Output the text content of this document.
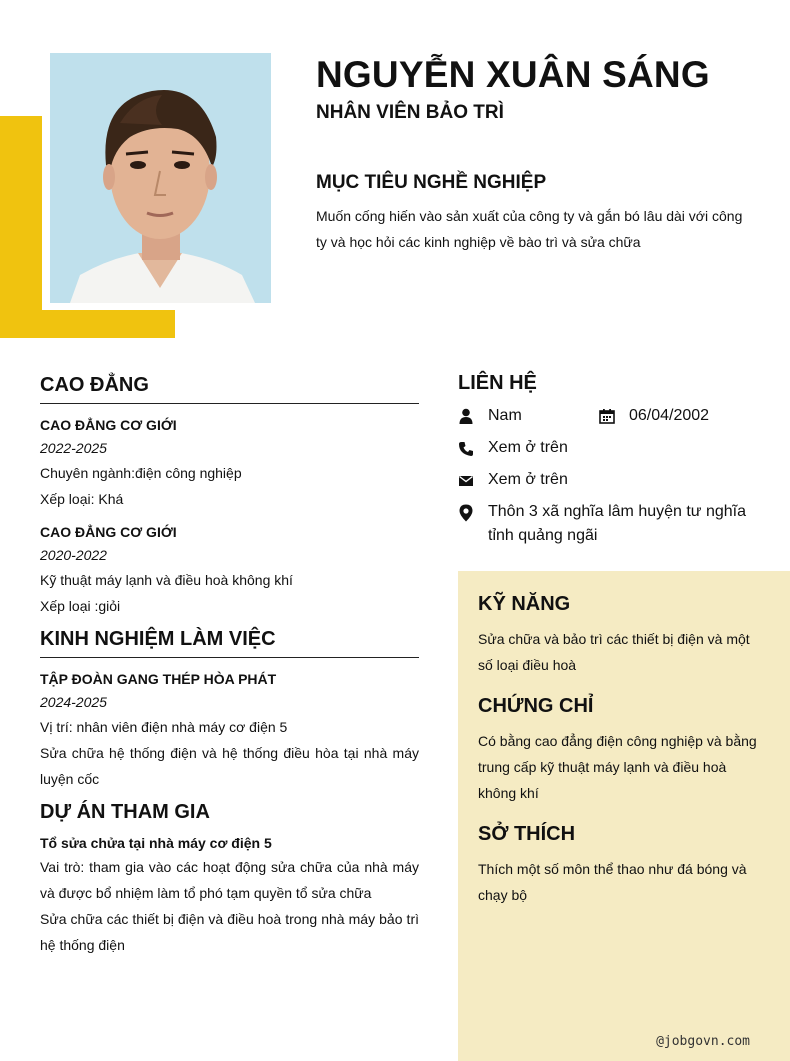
NGUYỄN XUÂN SÁNG
NHÂN VIÊN BẢO TRÌ
MỤC TIÊU NGHỀ NGHIỆP
Muốn cống hiến vào sản xuất của công ty và gắn bó lâu dài với công ty và học hỏi các kinh nghiệp về bào trì và sửa chữa
CAO ĐẲNG
CAO ĐẲNG CƠ GIỚI
2022-2025
Chuyên ngành:điện công nghiệp
Xếp loại: Khá
CAO ĐẲNG CƠ GIỚI
2020-2022
Kỹ thuật máy lạnh và điều hoà không khí
Xếp loại :giỏi
KINH NGHIỆM LÀM VIỆC
TẬP ĐOÀN GANG THÉP HÒA PHÁT
2024-2025
Vị trí: nhân viên điện nhà máy cơ điện 5
Sửa chữa hệ thống điện và hệ thống điều hòa tại nhà máy luyện cốc
DỰ ÁN THAM GIA
Tổ sửa chửa tại nhà máy cơ điện 5
Vai trò: tham gia vào các hoạt động sửa chữa của nhà máy và được bổ nhiệm làm tổ phó tạm quyền tổ sửa chữa
Sửa chữa các thiết bị điện và điều hoà trong nhà máy bảo trì hệ thống điện
LIÊN HỆ
Nam	06/04/2002
Xem ở trên
Xem ở trên
Thôn 3 xã nghĩa lâm huyện tư nghĩa tỉnh quảng ngãi
KỸ NĂNG
Sửa chữa và bảo trì các thiết bị điện và một số loại điều hoà
CHỨNG CHỈ
Có bằng cao đẳng điện công nghiệp và bằng trung cấp kỹ thuật máy lạnh và điều hoà không khí
SỞ THÍCH
Thích một số môn thể thao như đá bóng và chạy bộ
@jobgovn.com
